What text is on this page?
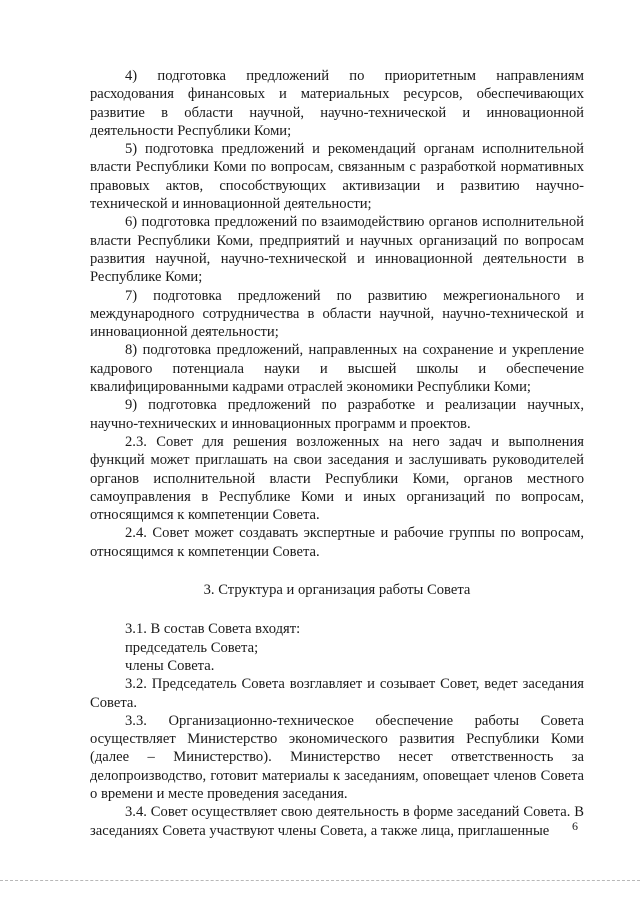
4) подготовка предложений по приоритетным направлениям расходования финансовых и материальных ресурсов, обеспечивающих развитие в области научной, научно-технической и инновационной деятельности Республики Коми;

5) подготовка предложений и рекомендаций органам исполнительной власти Республики Коми по вопросам, связанным с разработкой нормативных правовых актов, способствующих активизации и развитию научно-технической и инновационной деятельности;

6) подготовка предложений по взаимодействию органов исполнительной власти Республики Коми, предприятий и научных организаций по вопросам развития научной, научно-технической и инновационной деятельности в Республике Коми;

7) подготовка предложений по развитию межрегионального и международного сотрудничества в области научной, научно-технической и инновационной деятельности;

8) подготовка предложений, направленных на сохранение и укрепление кадрового потенциала науки и высшей школы и обеспечение квалифицированными кадрами отраслей экономики Республики Коми;

9) подготовка предложений по разработке и реализации научных, научно-технических и инновационных программ и проектов.

2.3. Совет для решения возложенных на него задач и выполнения функций может приглашать на свои заседания и заслушивать руководителей органов исполнительной власти Республики Коми, органов местного самоуправления в Республике Коми и иных организаций по вопросам, относящимся к компетенции Совета.

2.4. Совет может создавать экспертные и рабочие группы по вопросам, относящимся к компетенции Совета.

3. Структура и организация работы Совета

3.1. В состав Совета входят:

председатель Совета;

члены Совета.

3.2. Председатель Совета возглавляет и созывает Совет, ведет заседания Совета.

3.3. Организационно-техническое обеспечение работы Совета осуществляет Министерство экономического развития Республики Коми (далее – Министерство). Министерство несет ответственность за делопроизводство, готовит материалы к заседаниям, оповещает членов Совета о времени и месте проведения заседания.

3.4. Совет осуществляет свою деятельность в форме заседаний Совета. В заседаниях Совета участвуют члены Совета, а также лица, приглашенные	6
